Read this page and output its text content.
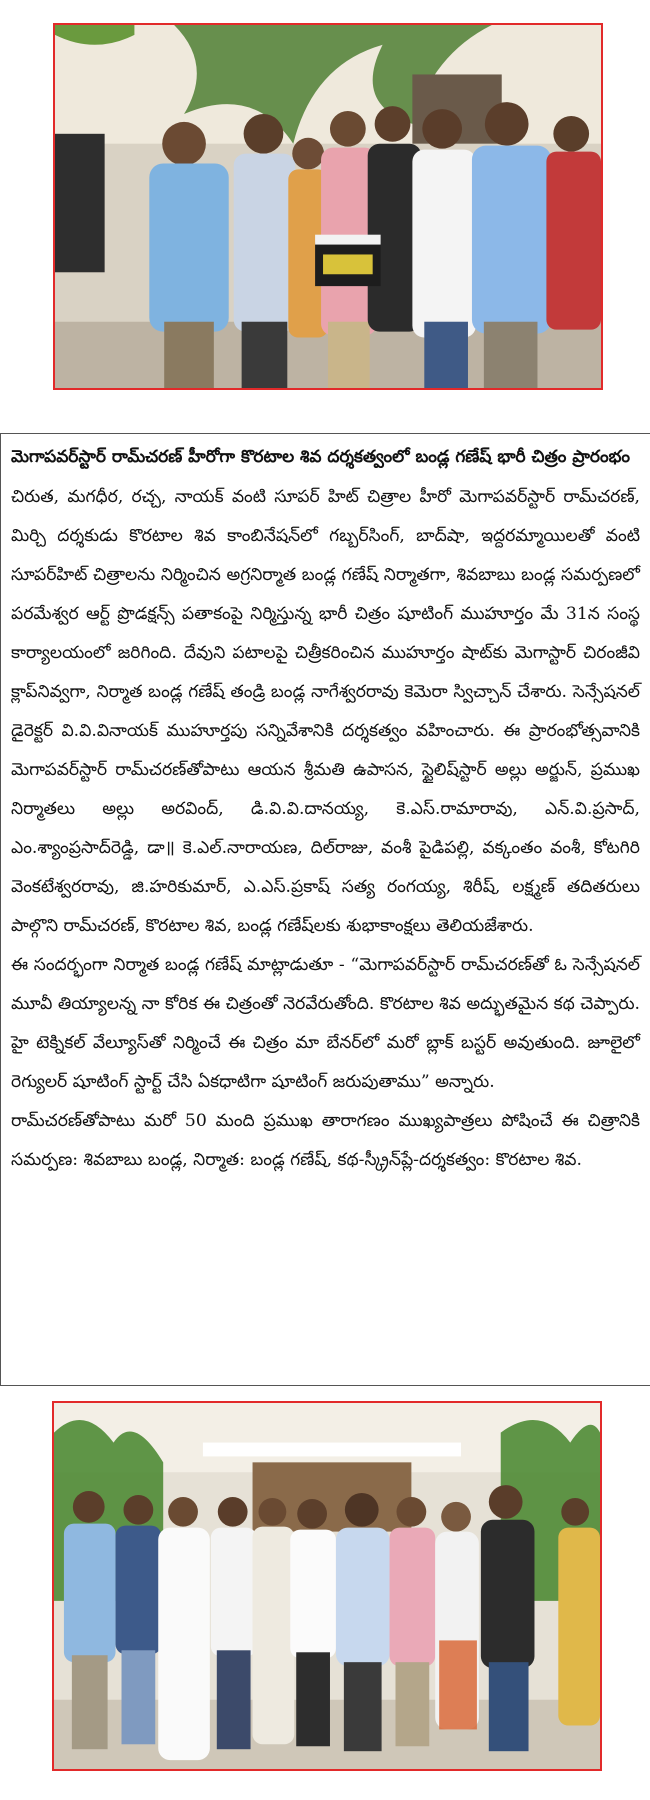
మెగాపవర్‌స్టార్ రామ్‌చరణ్ హీరోగా కొరటాల శివ దర్శకత్వంలో బండ్ల గణేష్ భారీ చిత్రం ప్రారంభం

చిరుత, మగధీర, రచ్చ, నాయక్ వంటి సూపర్ హిట్ చిత్రాల హీరో మెగాపవర్‌స్టార్ రామ్‌చరణ్, మిర్చి దర్శకుడు కొరటాల శివ కాంబినేషన్‌లో గబ్బర్‌సింగ్, బాద్‌షా, ఇద్దరమ్మాయిలతో వంటి సూపర్‌హిట్ చిత్రాలను నిర్మించిన అగ్రనిర్మాత బండ్ల గణేష్ నిర్మాతగా, శివబాబు బండ్ల సమర్పణలో పరమేశ్వర ఆర్ట్ ప్రొడక్షన్స్ పతాకంపై నిర్మిస్తున్న భారీ చిత్రం షూటింగ్ ముహూర్తం మే 31న సంస్థ కార్యాలయంలో జరిగింది. దేవుని పటాలపై చిత్రీకరించిన ముహూర్తం షాట్‌కు మెగాస్టార్ చిరంజీవి క్లాప్‌నివ్వగా, నిర్మాత బండ్ల గణేష్ తండ్రి బండ్ల నాగేశ్వరరావు కెమెరా స్విచ్చాన్ చేశారు. సెన్సేషనల్ డైరెక్టర్ వి.వి.వినాయక్ ముహూర్తపు సన్నివేశానికి దర్శకత్వం వహించారు. ఈ ప్రారంభోత్సవానికి మెగాపవర్‌స్టార్ రామ్‌చరణ్‌తోపాటు ఆయన శ్రీమతి ఉపాసన, స్టైలిష్‌స్టార్ అల్లు అర్జున్, ప్రముఖ నిర్మాతలు అల్లు అరవింద్, డి.వి.వి.దానయ్య, కె.ఎస్.రామారావు, ఎన్.వి.ప్రసాద్, ఎం.శ్యాంప్రసాద్‌రెడ్డి, డా॥ కె.ఎల్.నారాయణ, దిల్‌రాజు, వంశీ పైడిపల్లి, వక్కంతం వంశీ, కోటగిరి వెంకటేశ్వరరావు, జి.హరికుమార్, ఎ.ఎస్.ప్రకాష్ సత్య రంగయ్య, శిరీష్, లక్ష్మణ్ తదితరులు పాల్గొని రామ్‌చరణ్, కొరటాల శివ, బండ్ల గణేష్‌లకు శుభాకాంక్షలు తెలియజేశారు.

ఈ సందర్భంగా నిర్మాత బండ్ల గణేష్ మాట్లాడుతూ - “మెగాపవర్‌స్టార్ రామ్‌చరణ్‌తో ఓ సెన్సేషనల్ మూవీ తియ్యాలన్న నా కోరిక ఈ చిత్రంతో నెరవేరుతోంది. కొరటాల శివ అద్భుతమైన కథ చెప్పారు. హై టెక్నికల్ వేల్యూస్‌తో నిర్మించే ఈ చిత్రం మా బేనర్‌లో మరో బ్లాక్ బస్టర్ అవుతుంది. జూలైలో రెగ్యులర్ షూటింగ్ స్టార్ట్ చేసి ఏకధాటిగా షూటింగ్ జరుపుతాము” అన్నారు.

రామ్‌చరణ్‌తోపాటు మరో 50 మంది ప్రముఖ తారాగణం ముఖ్యపాత్రలు పోషించే ఈ చిత్రానికి సమర్పణ: శివబాబు బండ్ల, నిర్మాత: బండ్ల గణేష్, కథ-స్క్రీన్‌ప్లే-దర్శకత్వం: కొరటాల శివ.
